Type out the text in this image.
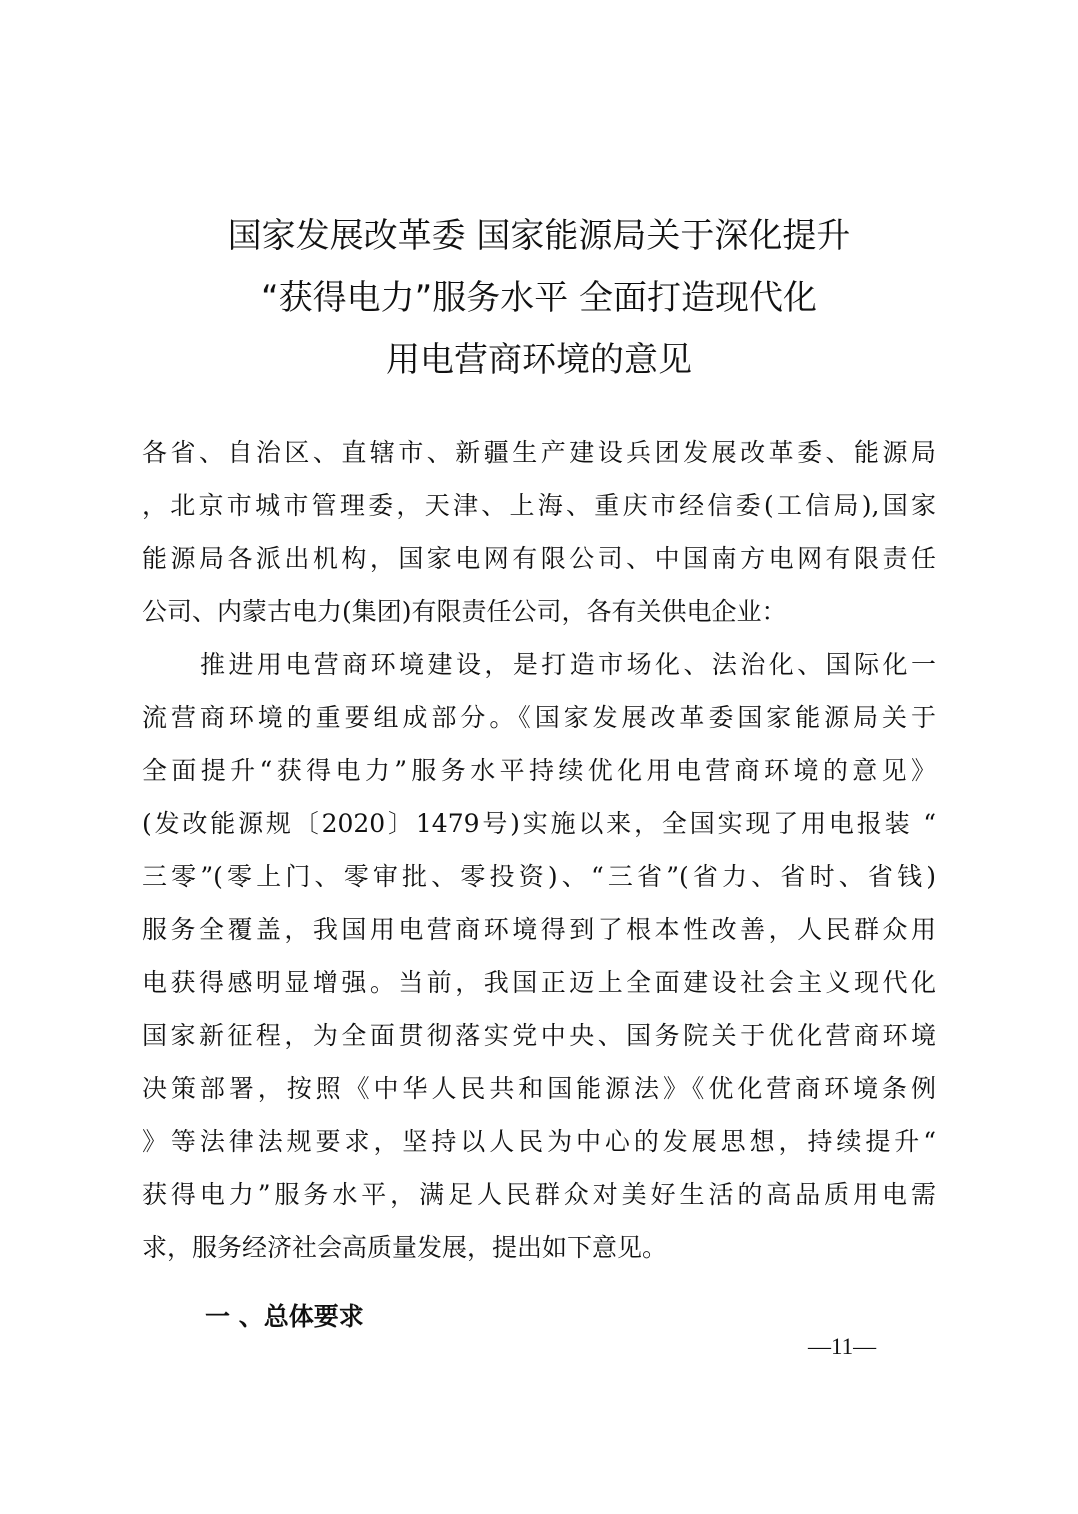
国家发展改革委 国家能源局关于深化提升
“获得电力”服务水平 全面打造现代化
用电营商环境的意见
各省、自治区、直辖市、新疆生产建设兵团发展改革委、能源局
，北京市城市管理委，天津、上海、重庆市经信委(工信局),国家
能源局各派出机构，国家电网有限公司、中国南方电网有限责任
公司、内蒙古电力(集团)有限责任公司，各有关供电企业：
推进用电营商环境建设，是打造市场化、法治化、国际化一
流营商环境的重要组成部分。《国家发展改革委国家能源局关于
全面提升“获得电力”服务水平持续优化用电营商环境的意见》
(发改能源规〔2020〕1479号)实施以来，全国实现了用电报装 “
三零”(零上门、零审批、零投资)、“三省”(省力、省时、省钱)
服务全覆盖，我国用电营商环境得到了根本性改善，人民群众用
电获得感明显增强。当前，我国正迈上全面建设社会主义现代化
国家新征程，为全面贯彻落实党中央、国务院关于优化营商环境
决策部署，按照《中华人民共和国能源法》《优化营商环境条例
》等法律法规要求，坚持以人民为中心的发展思想，持续提升“
获得电力”服务水平，满足人民群众对美好生活的高品质用电需
求，服务经济社会高质量发展，提出如下意见。
一 、总体要求
—11—
